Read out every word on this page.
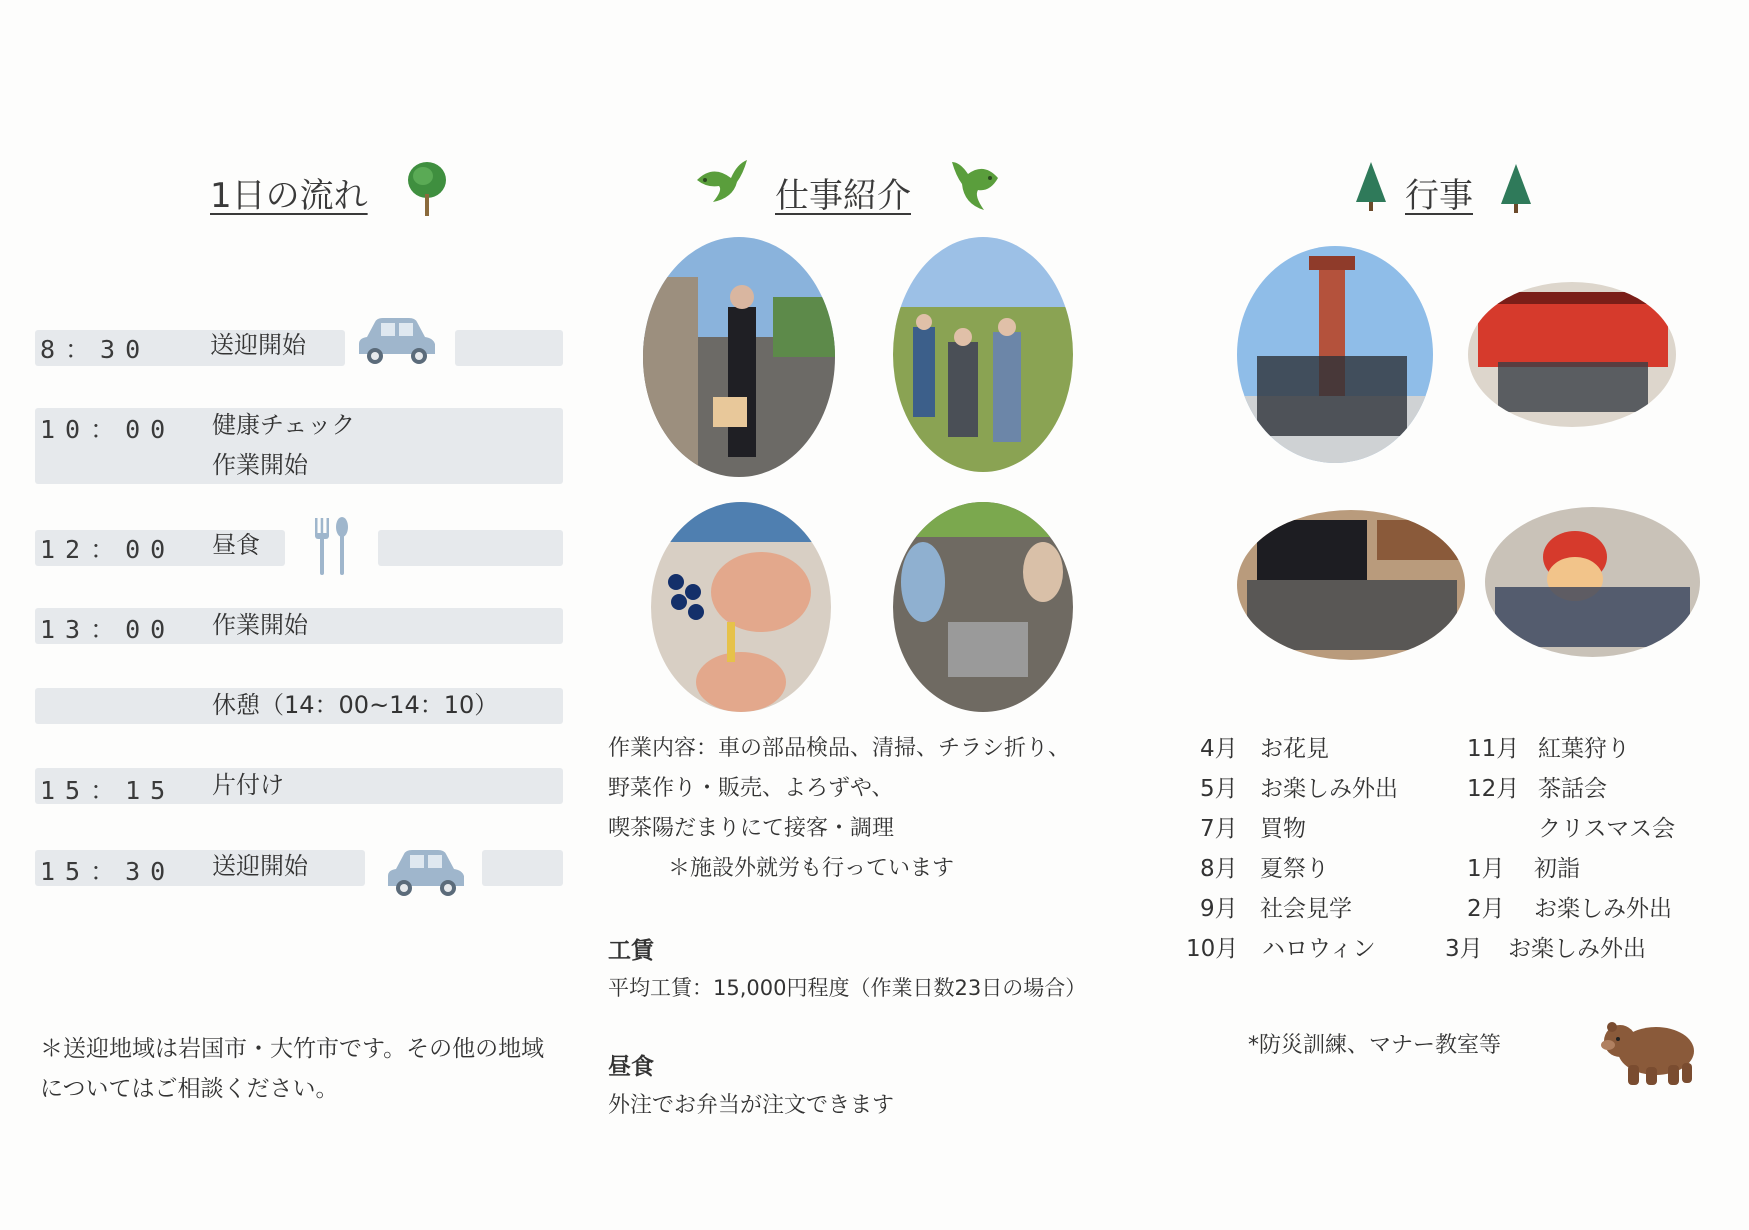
1日の流れ
8：30 送迎開始
10：00 健康チェック
作業開始
12：00 昼食
13：00 作業開始
休憩（14：00~14：10）
15：15 片付け
15：30 送迎開始
＊送迎地域は岩国市・大竹市です。その他の地域
についてはご相談ください。
仕事紹介
作業内容：車の部品検品、清掃、チラシ折り、
野菜作り・販売、よろずや、
喫茶陽だまりにて接客・調理
＊施設外就労も行っています
工賃
平均工賃：15,000円程度（作業日数23日の場合）
昼食
外注でお弁当が注文できます
行事
4月 お花見
5月 お楽しみ外出
7月 買物
8月 夏祭り
9月 社会見学
10月 ハロウィン
11月 紅葉狩り
12月 茶話会
クリスマス会
1月 初詣
2月 お楽しみ外出
3月 お楽しみ外出
*防災訓練、マナー教室等
